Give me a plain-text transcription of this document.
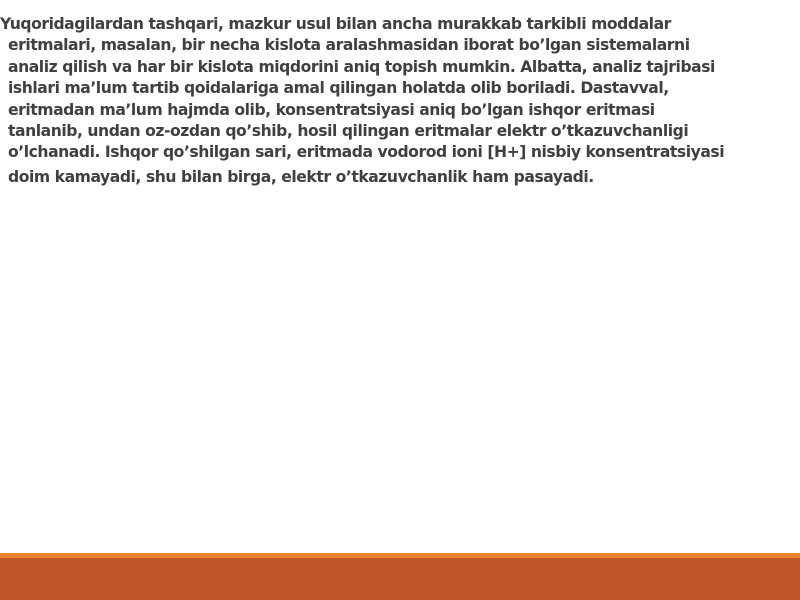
Yuqoridagilardan tashqari, mazkur usul bilan ancha murakkab tarkibli moddalar
eritmalari, masalan, bir necha kislota aralashmasidan iborat bo’lgan sistemalarni
analiz qilish va har bir kislota miqdorini aniq topish mumkin. Albatta, analiz tajribasi
ishlari ma’lum tartib qoidalariga amal qilingan holatda olib boriladi. Dastavval,
eritmadan ma’lum hajmda olib, konsentratsiyasi aniq bo’lgan ishqor eritmasi
tanlanib, undan oz-ozdan qo’shib, hosil qilingan eritmalar elektr o’tkazuvchanligi
o’lchanadi. Ishqor qo’shilgan sari, eritmada vodorod ioni [H+] nisbiy konsentratsiyasi
doim kamayadi, shu bilan birga, elektr o’tkazuvchanlik ham pasayadi.
